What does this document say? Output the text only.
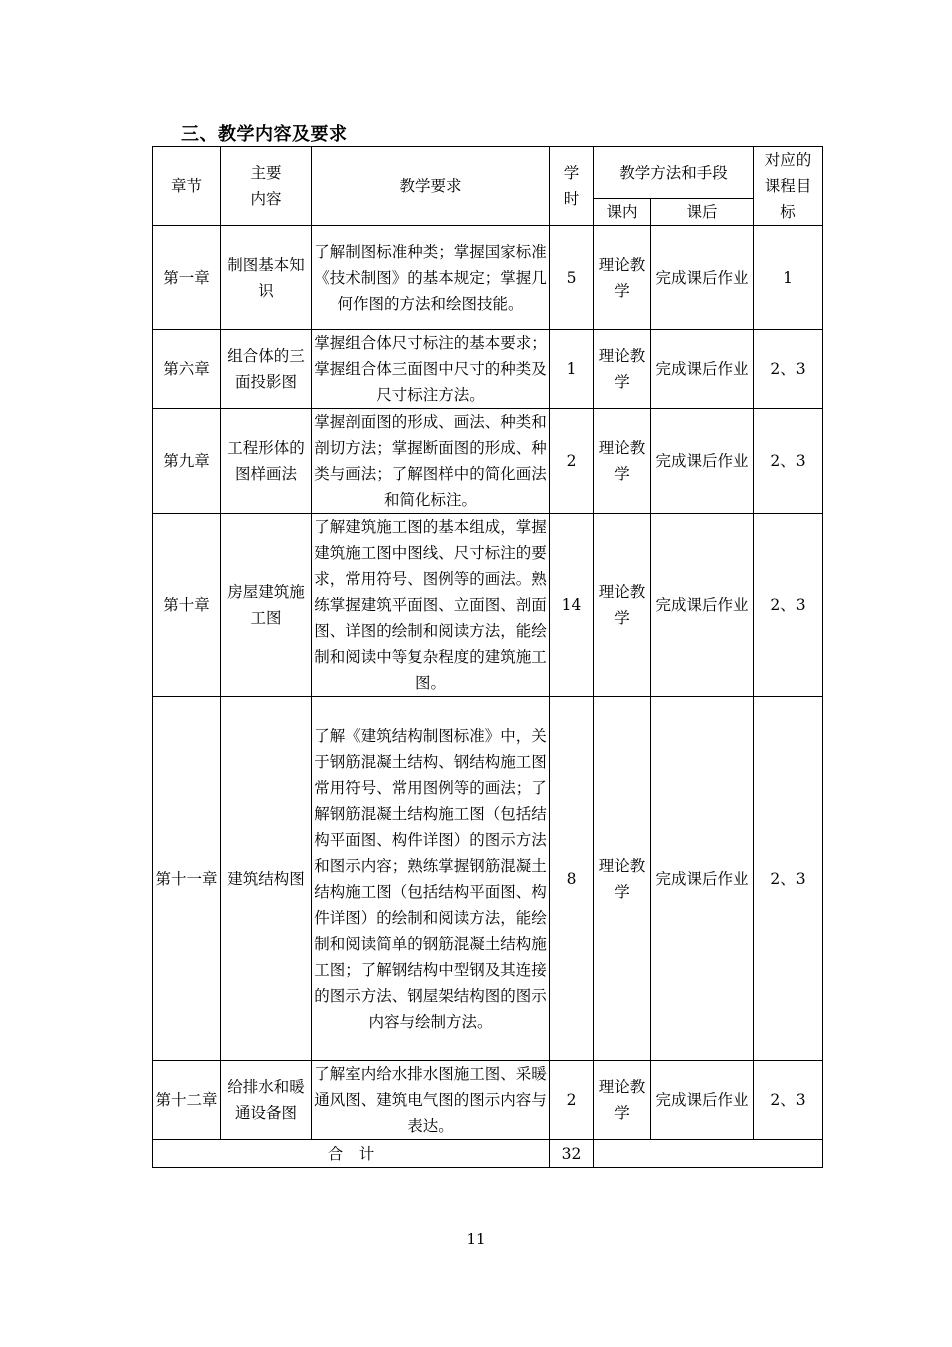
三、教学内容及要求
章节	主要内容	教学要求	学时	教学方法和手段		对应的课程目标
				课内	课后	
第一章	制图基本知识	了解制图标准种类；掌握国家标准《技术制图》的基本规定；掌握几何作图的方法和绘图技能。	5	理论教学	完成课后作业	1
第六章	组合体的三面投影图	掌握组合体尺寸标注的基本要求；掌握组合体三面图中尺寸的种类及尺寸标注方法。	1	理论教学	完成课后作业	2、3
第九章	工程形体的图样画法	掌握剖面图的形成、画法、种类和剖切方法；掌握断面图的形成、种类与画法；了解图样中的简化画法和简化标注。	2	理论教学	完成课后作业	2、3
第十章	房屋建筑施工图	了解建筑施工图的基本组成，掌握建筑施工图中图线、尺寸标注的要求，常用符号、图例等的画法。熟练掌握建筑平面图、立面图、剖面图、详图的绘制和阅读方法，能绘制和阅读中等复杂程度的建筑施工图。	14	理论教学	完成课后作业	2、3
第十一章	建筑结构图	了解《建筑结构制图标准》中，关于钢筋混凝土结构、钢结构施工图常用符号、常用图例等的画法；了解钢筋混凝土结构施工图（包括结构平面图、构件详图）的图示方法和图示内容；熟练掌握钢筋混凝土结构施工图（包括结构平面图、构件详图）的绘制和阅读方法，能绘制和阅读简单的钢筋混凝土结构施工图；了解钢结构中型钢及其连接的图示方法、钢屋架结构图的图示内容与绘制方法。	8	理论教学	完成课后作业	2、3
第十二章	给排水和暖通设备图	了解室内给水排水图施工图、采暖通风图、建筑电气图的图示内容与表达。	2	理论教学	完成课后作业	2、3
合　计			32			
11
